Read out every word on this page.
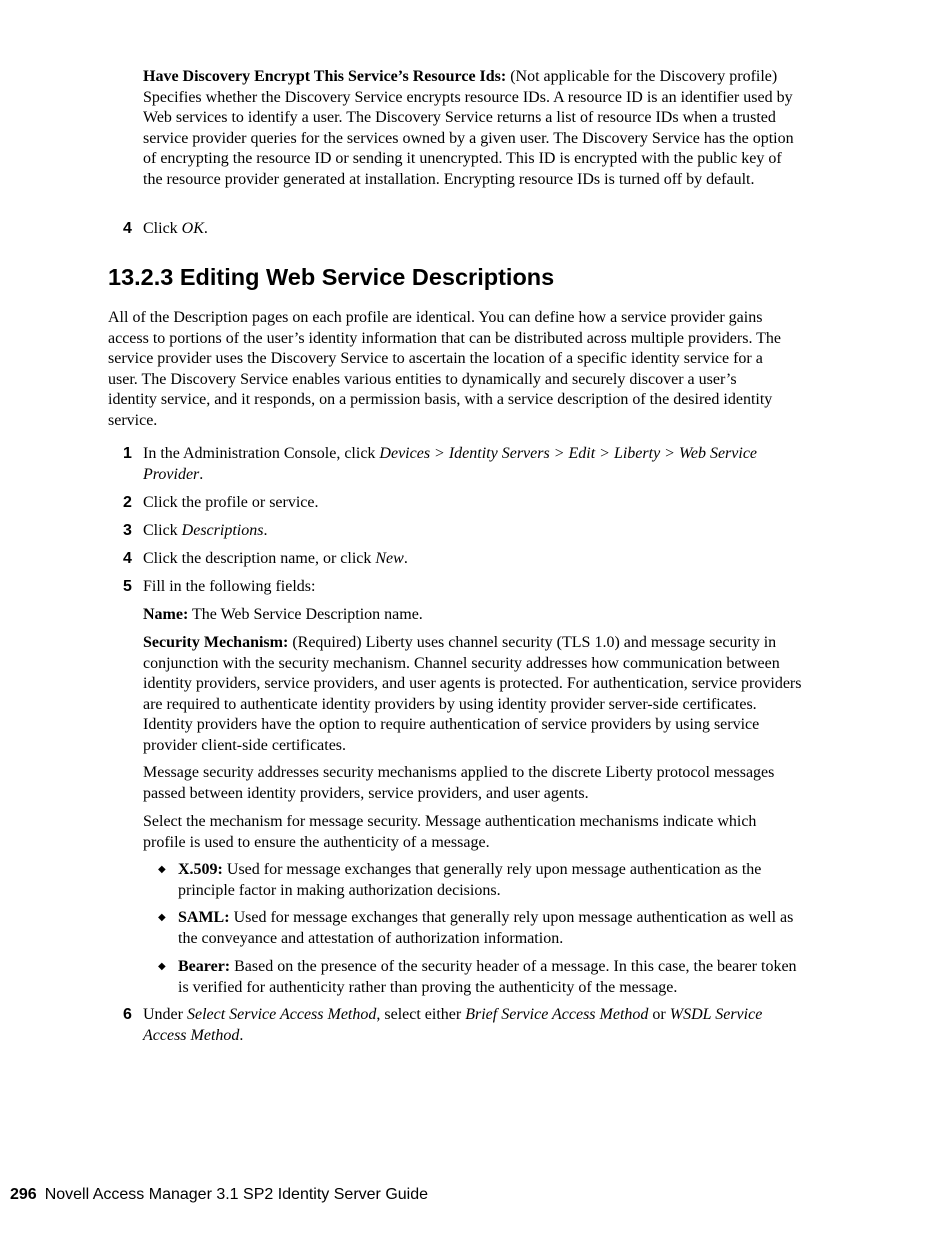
Have Discovery Encrypt This Service’s Resource Ids: (Not applicable for the Discovery profile) Specifies whether the Discovery Service encrypts resource IDs. A resource ID is an identifier used by Web services to identify a user. The Discovery Service returns a list of resource IDs when a trusted service provider queries for the services owned by a given user. The Discovery Service has the option of encrypting the resource ID or sending it unencrypted. This ID is encrypted with the public key of the resource provider generated at installation. Encrypting resource IDs is turned off by default.
4 Click OK.
13.2.3 Editing Web Service Descriptions
All of the Description pages on each profile are identical. You can define how a service provider gains access to portions of the user’s identity information that can be distributed across multiple providers. The service provider uses the Discovery Service to ascertain the location of a specific identity service for a user. The Discovery Service enables various entities to dynamically and securely discover a user’s identity service, and it responds, on a permission basis, with a service description of the desired identity service.
1 In the Administration Console, click Devices > Identity Servers > Edit > Liberty > Web Service Provider.
2 Click the profile or service.
3 Click Descriptions.
4 Click the description name, or click New.
5 Fill in the following fields:
Name: The Web Service Description name.
Security Mechanism: (Required) Liberty uses channel security (TLS 1.0) and message security in conjunction with the security mechanism. Channel security addresses how communication between identity providers, service providers, and user agents is protected. For authentication, service providers are required to authenticate identity providers by using identity provider server-side certificates. Identity providers have the option to require authentication of service providers by using service provider client-side certificates.
Message security addresses security mechanisms applied to the discrete Liberty protocol messages passed between identity providers, service providers, and user agents.
Select the mechanism for message security. Message authentication mechanisms indicate which profile is used to ensure the authenticity of a message.
◆ X.509: Used for message exchanges that generally rely upon message authentication as the principle factor in making authorization decisions.
◆ SAML: Used for message exchanges that generally rely upon message authentication as well as the conveyance and attestation of authorization information.
◆ Bearer: Based on the presence of the security header of a message. In this case, the bearer token is verified for authenticity rather than proving the authenticity of the message.
6 Under Select Service Access Method, select either Brief Service Access Method or WSDL Service Access Method.
296 Novell Access Manager 3.1 SP2 Identity Server Guide
